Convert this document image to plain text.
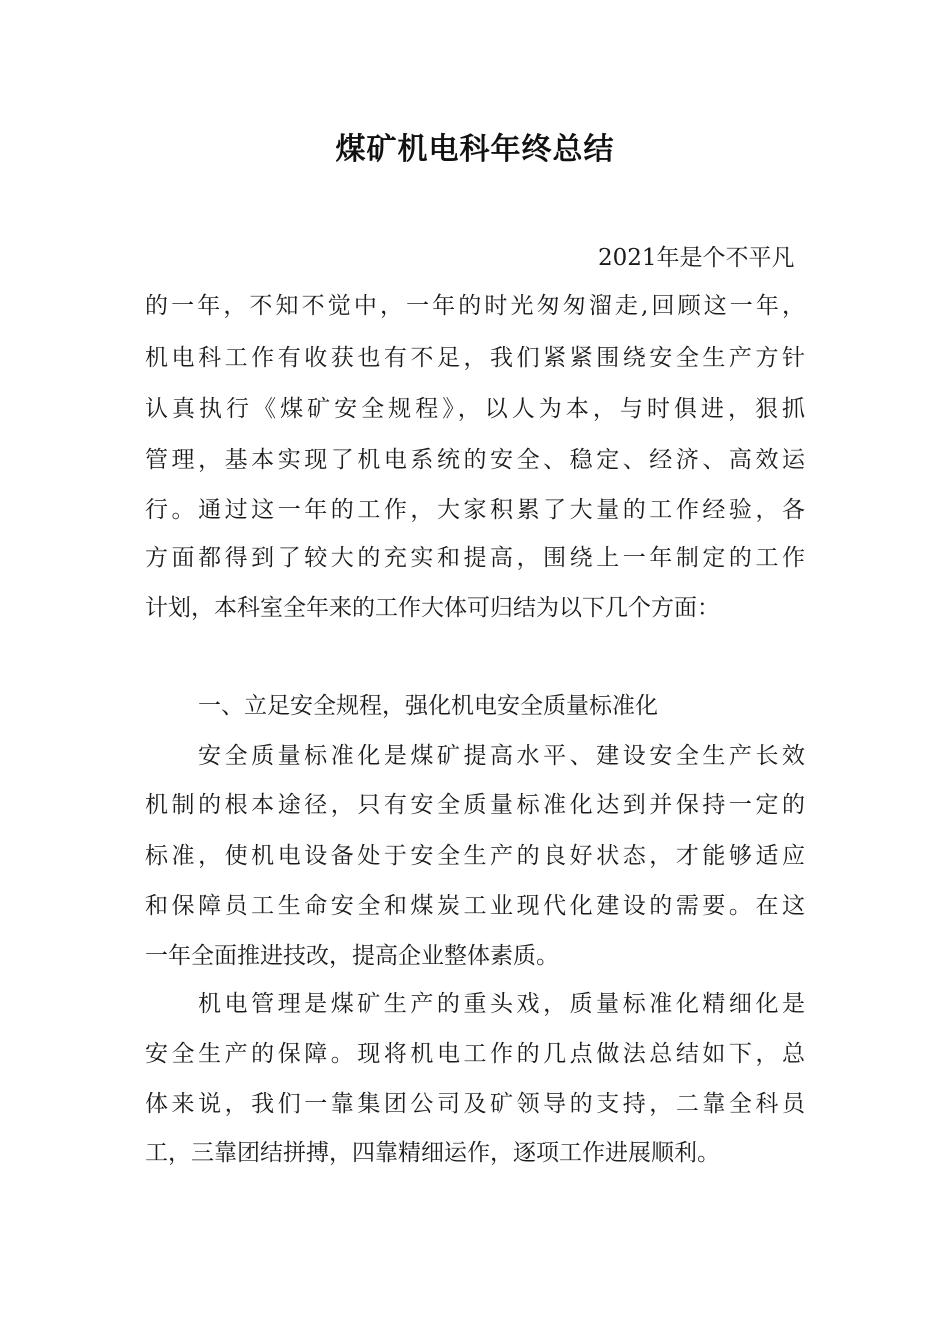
煤矿机电科年终总结
2021年是个不平凡
的一年，不知不觉中，一年的时光匆匆溜走,回顾这一年，
机电科工作有收获也有不足，我们紧紧围绕安全生产方针
认真执行《煤矿安全规程》，以人为本，与时俱进，狠抓
管理，基本实现了机电系统的安全、稳定、经济、高效运
行。通过这一年的工作，大家积累了大量的工作经验，各
方面都得到了较大的充实和提高，围绕上一年制定的工作
计划，本科室全年来的工作大体可归结为以下几个方面：
一、立足安全规程，强化机电安全质量标准化
安全质量标准化是煤矿提高水平、建设安全生产长效
机制的根本途径，只有安全质量标准化达到并保持一定的
标准，使机电设备处于安全生产的良好状态，才能够适应
和保障员工生命安全和煤炭工业现代化建设的需要。在这
一年全面推进技改，提高企业整体素质。
机电管理是煤矿生产的重头戏，质量标准化精细化是
安全生产的保障。现将机电工作的几点做法总结如下，总
体来说，我们一靠集团公司及矿领导的支持，二靠全科员
工，三靠团结拼搏，四靠精细运作，逐项工作进展顺利。
